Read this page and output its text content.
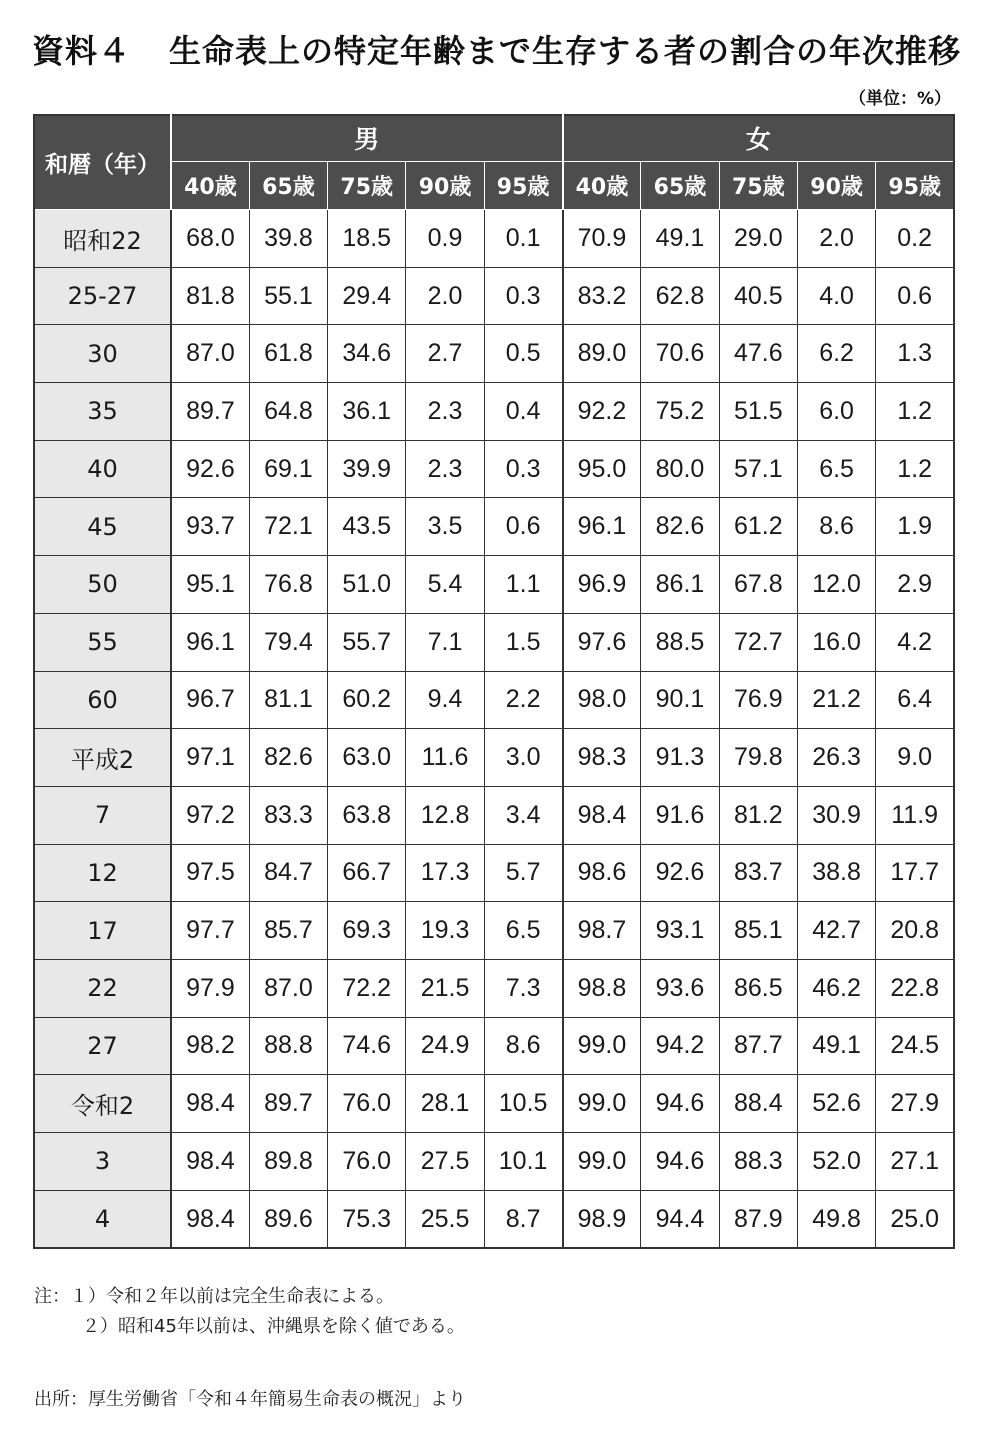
資料４ 生命表上の特定年齢まで生存する者の割合の年次推移
（単位：%）
和暦（年）	男					女				
	40歳	65歳	75歳	90歳	95歳	40歳	65歳	75歳	90歳	95歳
昭和22	68.0	39.8	18.5	0.9	0.1	70.9	49.1	29.0	2.0	0.2
25-27	81.8	55.1	29.4	2.0	0.3	83.2	62.8	40.5	4.0	0.6
30	87.0	61.8	34.6	2.7	0.5	89.0	70.6	47.6	6.2	1.3
35	89.7	64.8	36.1	2.3	0.4	92.2	75.2	51.5	6.0	1.2
40	92.6	69.1	39.9	2.3	0.3	95.0	80.0	57.1	6.5	1.2
45	93.7	72.1	43.5	3.5	0.6	96.1	82.6	61.2	8.6	1.9
50	95.1	76.8	51.0	5.4	1.1	96.9	86.1	67.8	12.0	2.9
55	96.1	79.4	55.7	7.1	1.5	97.6	88.5	72.7	16.0	4.2
60	96.7	81.1	60.2	9.4	2.2	98.0	90.1	76.9	21.2	6.4
平成2	97.1	82.6	63.0	11.6	3.0	98.3	91.3	79.8	26.3	9.0
7	97.2	83.3	63.8	12.8	3.4	98.4	91.6	81.2	30.9	11.9
12	97.5	84.7	66.7	17.3	5.7	98.6	92.6	83.7	38.8	17.7
17	97.7	85.7	69.3	19.3	6.5	98.7	93.1	85.1	42.7	20.8
22	97.9	87.0	72.2	21.5	7.3	98.8	93.6	86.5	46.2	22.8
27	98.2	88.8	74.6	24.9	8.6	99.0	94.2	87.7	49.1	24.5
令和2	98.4	89.7	76.0	28.1	10.5	99.0	94.6	88.4	52.6	27.9
3	98.4	89.8	76.0	27.5	10.1	99.0	94.6	88.3	52.0	27.1
4	98.4	89.6	75.3	25.5	8.7	98.9	94.4	87.9	49.8	25.0
注：１）令和２年以前は完全生命表による。
２）昭和45年以前は、沖縄県を除く値である。
出所：厚生労働省「令和４年簡易生命表の概況」より
